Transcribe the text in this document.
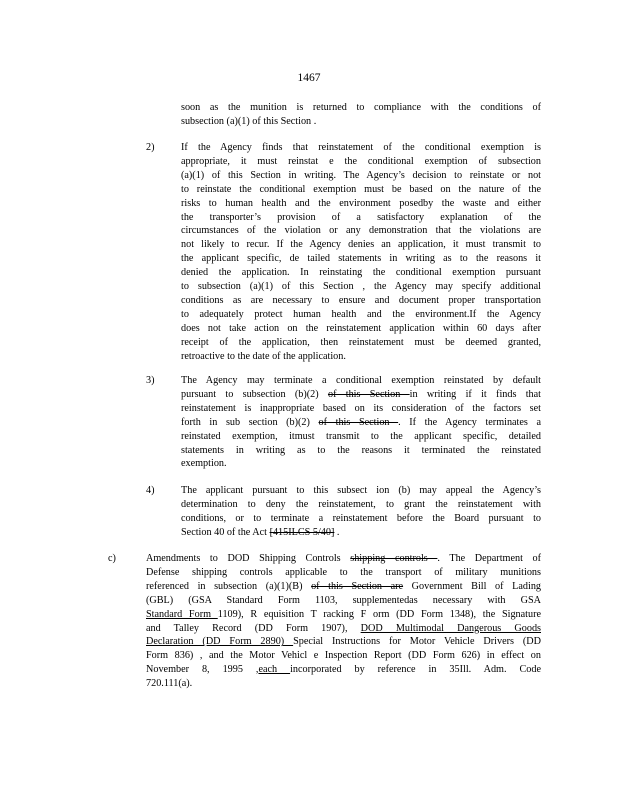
1467
soon as the munition is returned to compliance with the conditions of
subsection (a)(1) of this Section .
2)	If the Agency finds that reinstatement of the conditional exemption is
appropriate, it must reinstat e the conditional exemption of subsection
(a)(1) of this Section in writing. The Agency’s decision to reinstate or not
to reinstate the conditional exemption must be based on the nature of the
risks to human health and the environment posedby the waste and either
the transporter’s provision of a satisfactory explanation of the
circumstances of the violation or any demonstration that the violations are
not likely to recur. If the Agency denies an application, it must transmit to
the applicant specific, de tailed statements in writing as to the reasons it
denied the application. In reinstating the conditional exemption pursuant
to subsection (a)(1) of this Section , the Agency may specify additional
conditions as are necessary to ensure and document proper transportation
to adequately protect human health and the environment.If the Agency
does not take action on the reinstatement application within 60 days after
receipt of the application, then reinstatement must be deemed granted,
retroactive to the date of the application.
3)	The Agency may terminate a conditional exemption reinstated by default
pursuant to subsection (b)(2) of this Section in writing if it finds that
reinstatement is inappropriate based on its consideration of the factors set
forth in sub section (b)(2) of this Section . If the Agency terminates a
reinstated exemption, itmust transmit to the applicant specific, detailed
statements in writing as to the reasons it terminated the reinstated
exemption.
4)	The applicant pursuant to this subsect ion (b) may appeal the Agency’s
determination to deny the reinstatement, to grant the reinstatement with
conditions, or to terminate a reinstatement before the Board pursuant to
Section 40 of the Act [415ILCS 5/40] .
c)	Amendments to DOD Shipping Controls shipping controls . The Department of
Defense shipping controls applicable to the transport of military munitions
referenced in subsection (a)(1)(B) of this Section are Government Bill of Lading
(GBL) (GSA Standard Form 1103, supplementedas necessary with GSA
Standard Form 1109), R equisition T racking F orm (DD Form 1348), the Signature
and Talley Record (DD Form 1907), DOD Multimodal Dangerous Goods
Declaration (DD Form 2890) Special Instructions for Motor Vehicle Drivers (DD
Form 836) , and the Motor Vehicl e Inspection Report (DD Form 626) in effect on
November 8, 1995 ,each incorporated by reference in 35Ill. Adm. Code
720.111(a).
